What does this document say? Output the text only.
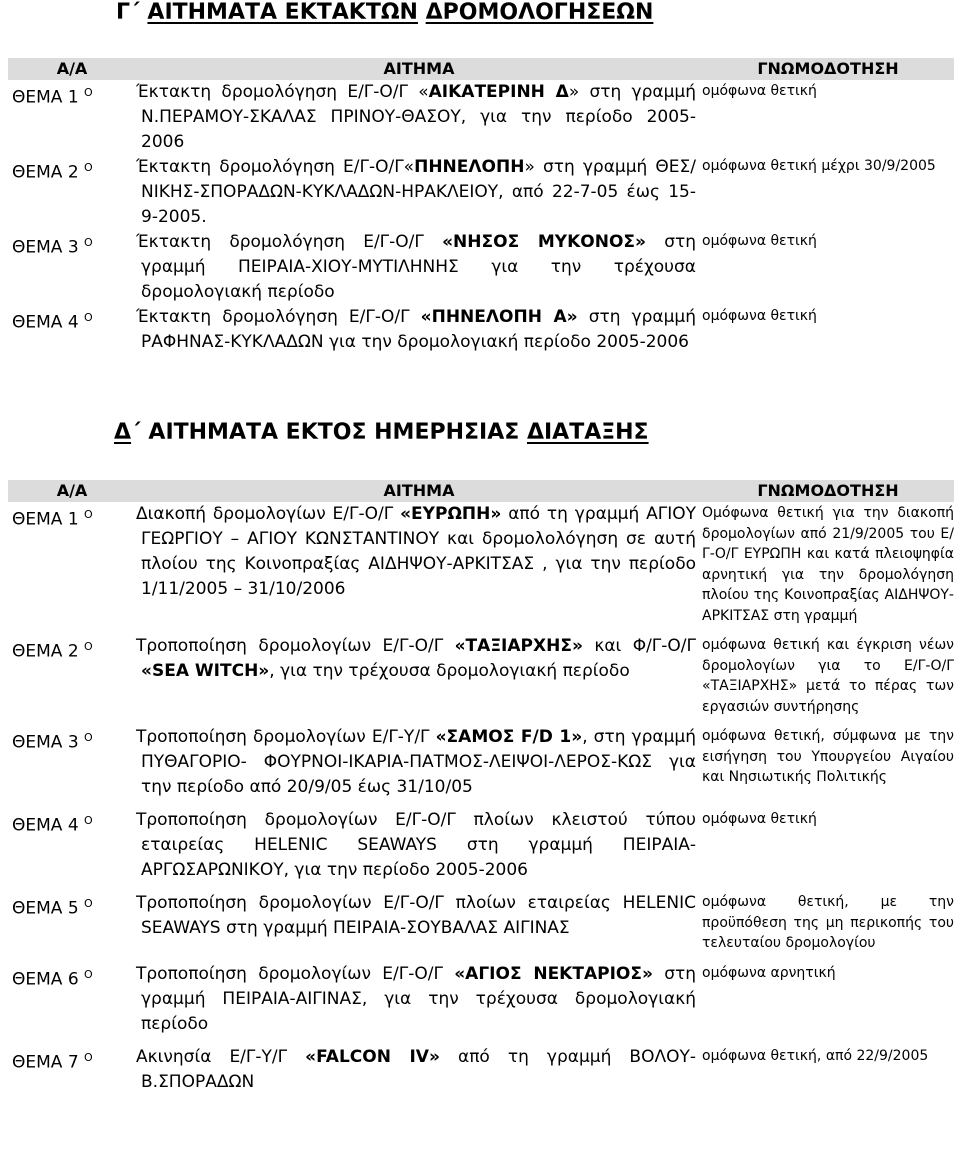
Γ΄ ΑΙΤΗΜΑΤΑ ΕΚΤΑΚΤΩΝ ΔΡΟΜΟΛΟΓΗΣΕΩΝ
Α/Α	ΑΙΤΗΜΑ	ΓΝΩΜΟΔΟΤΗΣΗ
ΘΕΜΑ 1 $^O$	Έκτακτη δρομολόγηση Ε/Γ-Ο/Γ «ΑΙΚΑΤΕΡΙΝΗ Δ» στη γραμμή Ν.ΠΕΡΑΜΟΥ-ΣΚΑΛΑΣ ΠΡΙΝΟΥ-ΘΑΣΟΥ, για την περίοδο 2005-2006	ομόφωνα θετική
ΘΕΜΑ 2 $^O$	Έκτακτη δρομολόγηση Ε/Γ-Ο/Γ«ΠΗΝΕΛΟΠΗ» στη γραμμή ΘΕΣ/ΝΙΚΗΣ-ΣΠΟΡΑΔΩΝ-ΚΥΚΛΑΔΩΝ-ΗΡΑΚΛΕΙΟΥ, από 22-7-05 έως 15-9-2005.	ομόφωνα θετική μέχρι 30/9/2005
ΘΕΜΑ 3 $^O$	Έκτακτη δρομολόγηση Ε/Γ-Ο/Γ «ΝΗΣΟΣ ΜΥΚΟΝΟΣ» στη γραμμή ΠΕΙΡΑΙΑ-ΧΙΟΥ-ΜΥΤΙΛΗΝΗΣ για την τρέχουσα δρομολογιακή περίοδο	ομόφωνα θετική
ΘΕΜΑ 4 $^O$	Έκτακτη δρομολόγηση Ε/Γ-Ο/Γ «ΠΗΝΕΛΟΠΗ Α» στη γραμμή ΡΑΦΗΝΑΣ-ΚΥΚΛΑΔΩΝ για την δρομολογιακή περίοδο 2005-2006	ομόφωνα θετική
Δ΄ ΑΙΤΗΜΑΤΑ ΕΚΤΟΣ ΗΜΕΡΗΣΙΑΣ ΔΙΑΤΑΞΗΣ
Α/Α	ΑΙΤΗΜΑ	ΓΝΩΜΟΔΟΤΗΣΗ
ΘΕΜΑ 1 $^O$	Διακοπή δρομολογίων Ε/Γ-Ο/Γ «ΕΥΡΩΠΗ» από τη γραμμή ΑΓΙΟΥ ΓΕΩΡΓΙΟΥ – ΑΓΙΟΥ ΚΩΝΣΤΑΝΤΙΝΟΥ και δρομολολόγηση σε αυτή πλοίου της Κοινοπραξίας ΑΙΔΗΨΟΥ-ΑΡΚΙΤΣΑΣ , για την περίοδο 1/11/2005 – 31/10/2006	Ομόφωνα θετική για την διακοπή δρομολογίων από 21/9/2005 του Ε/Γ-Ο/Γ ΕΥΡΩΠΗ και κατά πλειοψηφία αρνητική για την δρομολόγηση πλοίου της Κοινοπραξίας ΑΙΔΗΨΟΥ-ΑΡΚΙΤΣΑΣ στη γραμμή

ΘΕΜΑ 2 $^O$	Τροποποίηση δρομολογίων Ε/Γ-Ο/Γ «ΤΑΞΙΑΡΧΗΣ» και Φ/Γ-Ο/Γ «SEA WITCH», για την τρέχουσα δρομολογιακή περίοδο	ομόφωνα θετική και έγκριση νέων δρομολογίων για το Ε/Γ-Ο/Γ «ΤΑΞΙΑΡΧΗΣ» μετά το πέρας των εργασιών συντήρησης

ΘΕΜΑ 3 $^O$	Τροποποίηση δρομολογίων Ε/Γ-Υ/Γ «ΣΑΜΟΣ F/D 1», στη γραμμή ΠΥΘΑΓΟΡΙΟ- ΦΟΥΡΝΟΙ-ΙΚΑΡΙΑ-ΠΑΤΜΟΣ-ΛΕΙΨΟΙ-ΛΕΡΟΣ-ΚΩΣ για την περίοδο από 20/9/05 έως 31/10/05	ομόφωνα θετική, σύμφωνα με την εισήγηση του Υπουργείου Αιγαίου και Νησιωτικής Πολιτικής

ΘΕΜΑ 4 $^O$	Τροποποίηση δρομολογίων Ε/Γ-Ο/Γ πλοίων κλειστού τύπου εταιρείας HELENIC SEAWAYS στη γραμμή ΠΕΙΡΑΙΑ-ΑΡΓΩΣΑΡΩΝΙΚΟΥ, για την περίοδο 2005-2006	ομόφωνα θετική

ΘΕΜΑ 5 $^O$	Τροποποίηση δρομολογίων Ε/Γ-Ο/Γ πλοίων εταιρείας HELENIC SEAWAYS στη γραμμή ΠΕΙΡΑΙΑ-ΣΟΥΒΑΛΑΣ ΑΙΓΙΝΑΣ	ομόφωνα θετική, με την προϋπόθεση της μη περικοπής του τελευταίου δρομολογίου

ΘΕΜΑ 6 $^O$	Τροποποίηση δρομολογίων Ε/Γ-Ο/Γ «ΑΓΙΟΣ ΝΕΚΤΑΡΙΟΣ» στη γραμμή ΠΕΙΡΑΙΑ-ΑΙΓΙΝΑΣ, για την τρέχουσα δρομολογιακή περίοδο	ομόφωνα αρνητική

ΘΕΜΑ 7 $^O$	Ακινησία Ε/Γ-Υ/Γ «FALCON IV» από τη γραμμή ΒΟΛΟΥ-Β.ΣΠΟΡΑΔΩΝ	ομόφωνα θετική, από 22/9/2005
